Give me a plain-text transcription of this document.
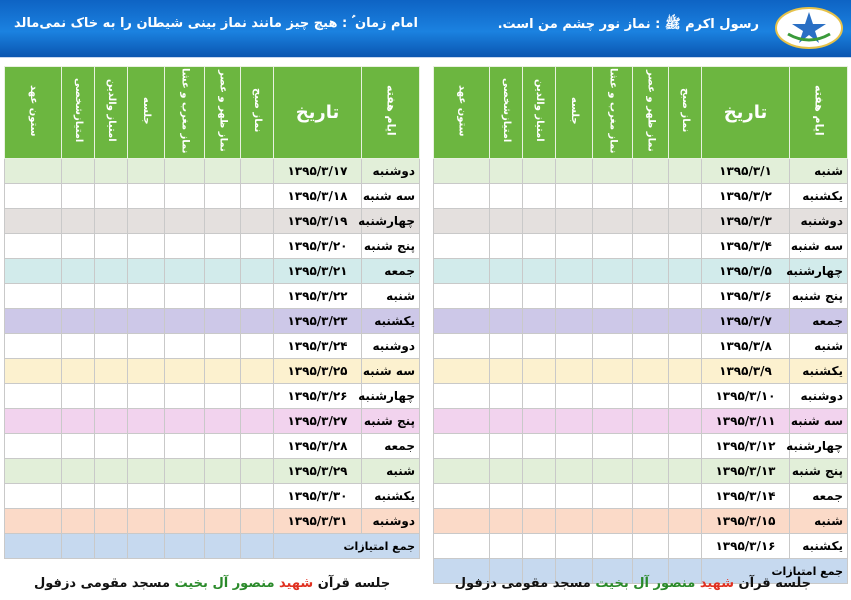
رسول اکرم ﷺ : نماز نور چشم من است.
امام زمان ؑ : هیچ چیز مانند نماز بینی شیطان را به خاک نمی‌مالد
ایام هفته	تاریخ	نماز صبح	نماز ظهر و عصر	نماز مغرب و عشا	جلسه	امتیاز والدین	امتیازشخصی	ستون عهد
شنبه	۱۳۹۵/۳/۱							
یکشنبه	۱۳۹۵/۳/۲							
دوشنبه	۱۳۹۵/۳/۳							
سه شنبه	۱۳۹۵/۳/۴							
چهارشنبه	۱۳۹۵/۳/۵							
پنج شنبه	۱۳۹۵/۳/۶							
جمعه	۱۳۹۵/۳/۷							
شنبه	۱۳۹۵/۳/۸							
یکشنبه	۱۳۹۵/۳/۹							
دوشنبه	۱۳۹۵/۳/۱۰							
سه شنبه	۱۳۹۵/۳/۱۱							
چهارشنبه	۱۳۹۵/۳/۱۲							
پنج شنبه	۱۳۹۵/۳/۱۳							
جمعه	۱۳۹۵/۳/۱۴							
شنبه	۱۳۹۵/۳/۱۵							
یکشنبه	۱۳۹۵/۳/۱۶							
جمع امتیازات								
ایام هفته	تاریخ	نماز صبح	نماز ظهر و عصر	نماز مغرب و عشا	جلسه	امتیاز والدین	امتیازشخصی	ستون عهد
دوشنبه	۱۳۹۵/۳/۱۷							
سه شنبه	۱۳۹۵/۳/۱۸							
چهارشنبه	۱۳۹۵/۳/۱۹							
پنج شنبه	۱۳۹۵/۳/۲۰							
جمعه	۱۳۹۵/۳/۲۱							
شنبه	۱۳۹۵/۳/۲۲							
یکشنبه	۱۳۹۵/۳/۲۳							
دوشنبه	۱۳۹۵/۳/۲۴							
سه شنبه	۱۳۹۵/۳/۲۵							
چهارشنبه	۱۳۹۵/۳/۲۶							
پنج شنبه	۱۳۹۵/۳/۲۷							
جمعه	۱۳۹۵/۳/۲۸							
شنبه	۱۳۹۵/۳/۲۹							
یکشنبه	۱۳۹۵/۳/۳۰							
دوشنبه	۱۳۹۵/۳/۳۱							
جمع امتیازات								
جلسه قرآن شهید منصور آل بخیت مسجد مقومی دزفول
جلسه قرآن شهید منصور آل بخیت مسجد مقومی دزفول
